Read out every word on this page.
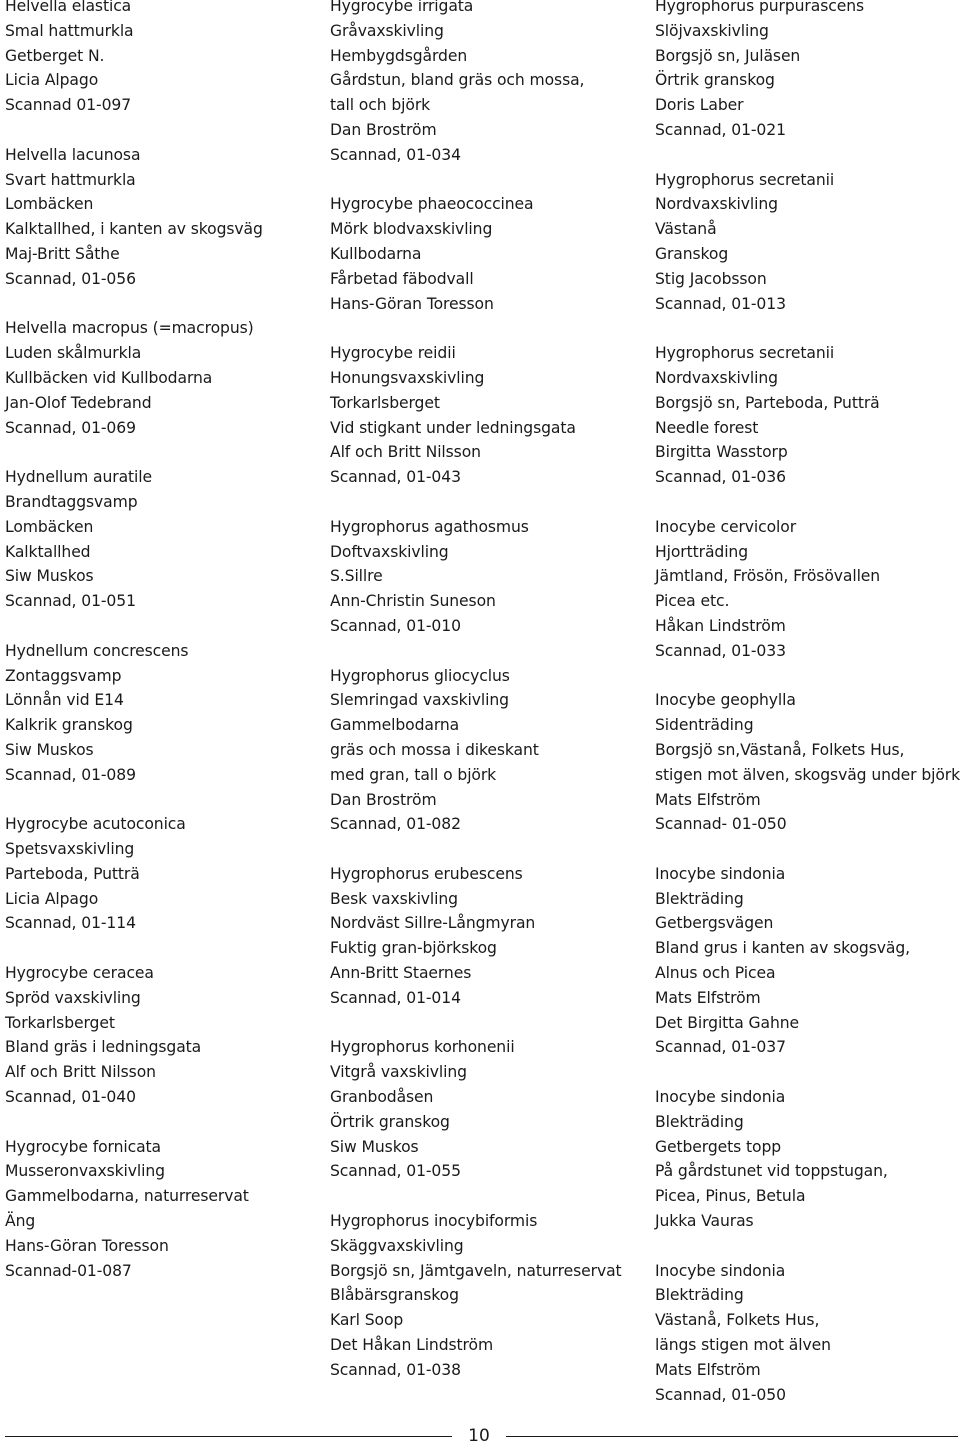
Helvella elastica
Smal hattmurkla
Getberget N.
Licia Alpago
Scannad 01-097
Helvella lacunosa
Svart hattmurkla
Lombäcken
Kalktallhed, i kanten av skogsväg
Maj-Britt Såthe
Scannad, 01-056
Helvella macropus (=macropus)
Luden skålmurkla
Kullbäcken vid Kullbodarna
Jan-Olof Tedebrand
Scannad, 01-069
Hydnellum auratile
Brandtaggsvamp
Lombäcken
Kalktallhed
Siw Muskos
Scannad, 01-051
Hydnellum concrescens
Zontaggsvamp
Lönnån vid E14
Kalkrik granskog
Siw Muskos
Scannad, 01-089
Hygrocybe acutoconica
Spetsvaxskivling
Parteboda, Putträ
Licia Alpago
Scannad, 01-114
Hygrocybe ceracea
Spröd vaxskivling
Torkarlsberget
Bland gräs i ledningsgata
Alf och Britt Nilsson
Scannad, 01-040
Hygrocybe fornicata
Musseronvaxskivling
Gammelbodarna, naturreservat
Äng
Hans-Göran Toresson
Scannad-01-087
Hygrocybe irrigata
Gråvaxskivling
Hembygdsgården
Gårdstun, bland gräs och mossa,
tall och björk
Dan Broström
Scannad, 01-034
Hygrocybe phaeococcinea
Mörk blodvaxskivling
Kullbodarna
Fårbetad fäbodvall
Hans-Göran Toresson
Hygrocybe reidii
Honungsvaxskivling
Torkarlsberget
Vid stigkant under ledningsgata
Alf och Britt Nilsson
Scannad, 01-043
Hygrophorus agathosmus
Doftvaxskivling
S.Sillre
Ann-Christin Suneson
Scannad, 01-010
Hygrophorus gliocyclus
Slemringad vaxskivling
Gammelbodarna
gräs och mossa i dikeskant
med gran, tall o björk
Dan Broström
Scannad, 01-082
Hygrophorus erubescens
Besk vaxskivling
Nordväst Sillre-Långmyran
Fuktig gran-björkskog
Ann-Britt Staernes
Scannad, 01-014
Hygrophorus korhonenii
Vitgrå vaxskivling
Granbodåsen
Örtrik granskog
Siw Muskos
Scannad, 01-055
Hygrophorus inocybiformis
Skäggvaxskivling
Borgsjö sn, Jämtgaveln, naturreservat
Blåbärsgranskog
Karl Soop
Det Håkan Lindström
Scannad, 01-038
Hygrophorus purpurascens
Slöjvaxskivling
Borgsjö sn, Juläsen
Örtrik granskog
Doris Laber
Scannad, 01-021
Hygrophorus secretanii
Nordvaxskivling
Västanå
Granskog
Stig Jacobsson
Scannad, 01-013
Hygrophorus secretanii
Nordvaxskivling
Borgsjö sn, Parteboda, Putträ
Needle forest
Birgitta Wasstorp
Scannad, 01-036
Inocybe cervicolor
Hjortträding
Jämtland, Frösön, Frösövallen
Picea etc.
Håkan Lindström
Scannad, 01-033
Inocybe geophylla
Sidenträding
Borgsjö sn,Västanå, Folkets Hus,
stigen mot älven, skogsväg under björk
Mats Elfström
Scannad- 01-050
Inocybe sindonia
Blekträding
Getbergsvägen
Bland grus i kanten av skogsväg,
Alnus och Picea
Mats Elfström
Det Birgitta Gahne
Scannad, 01-037
Inocybe sindonia
Blekträding
Getbergets topp
På gårdstunet vid toppstugan,
Picea, Pinus, Betula
Jukka Vauras
Inocybe sindonia
Blekträding
Västanå, Folkets Hus,
längs stigen mot älven
Mats Elfström
Scannad, 01-050
10
